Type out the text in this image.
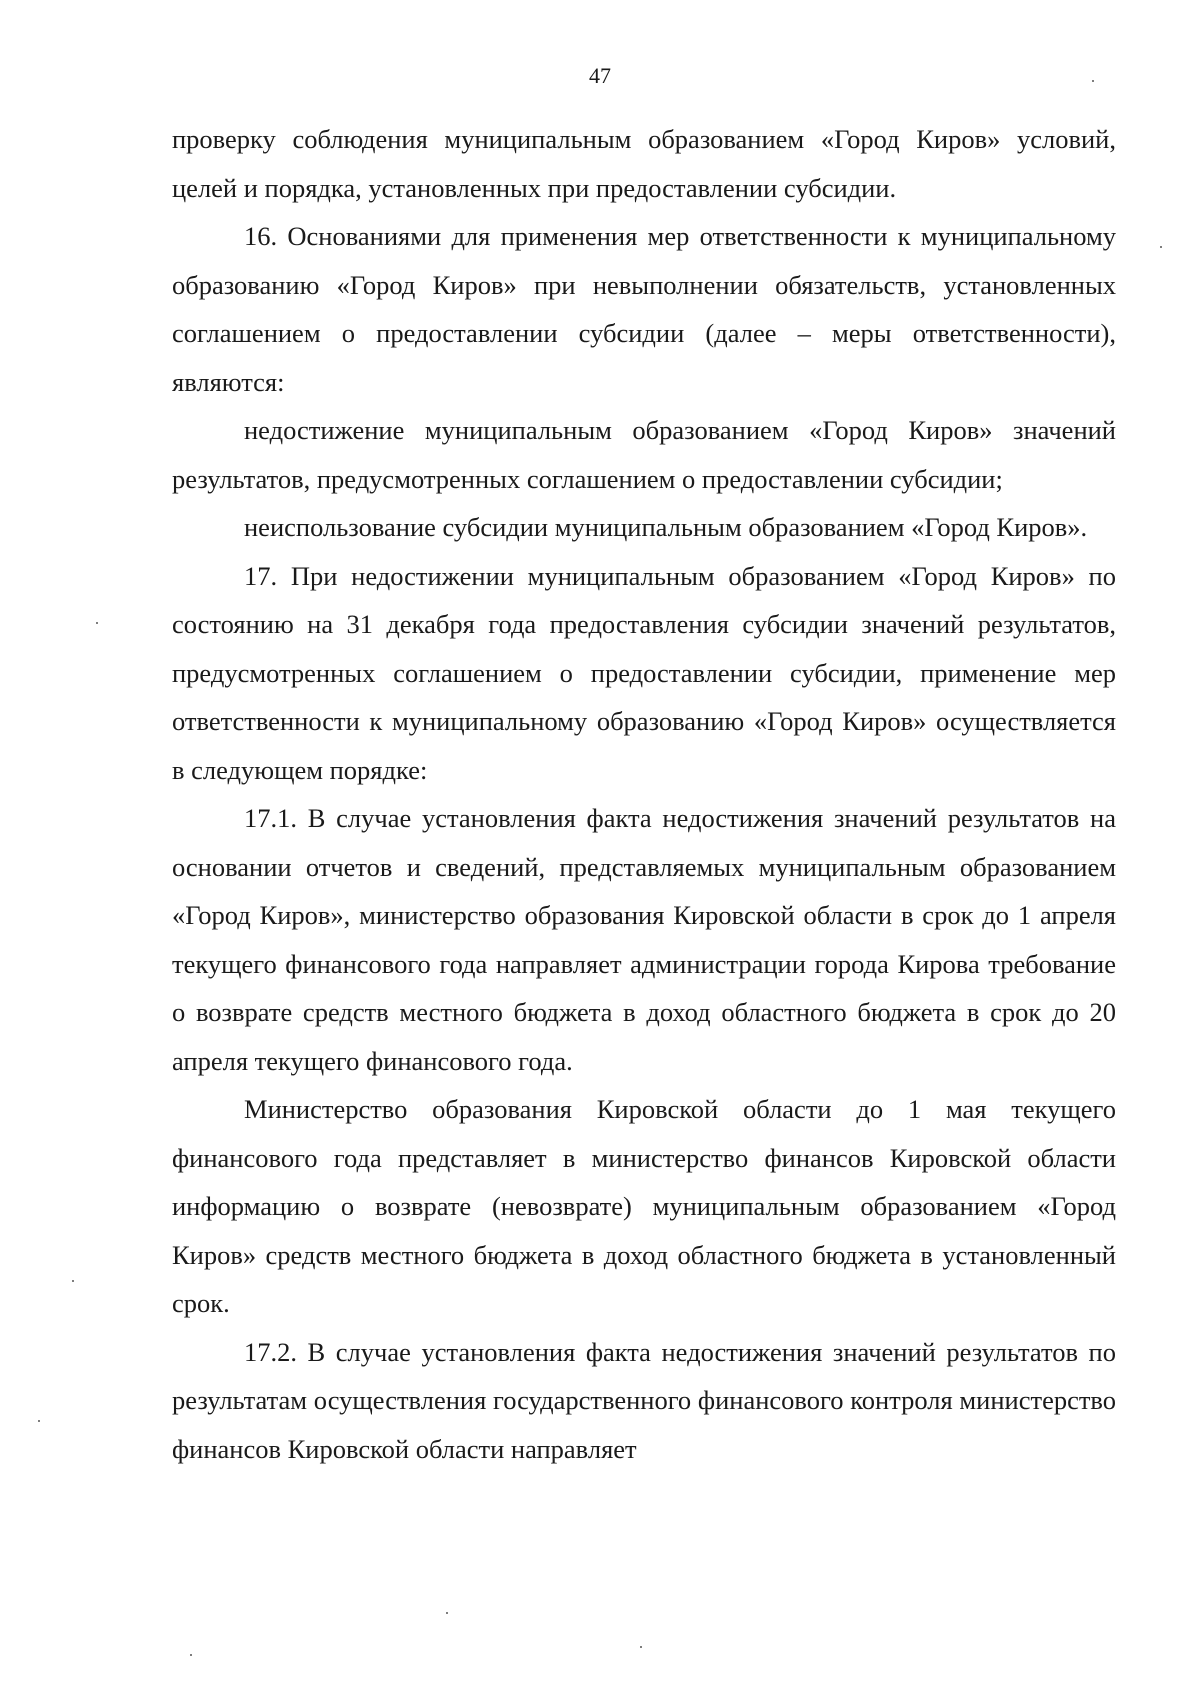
47

проверку соблюдения муниципальным образованием «Город Киров» условий, целей и порядка, установленных при предоставлении субсидии.

16. Основаниями для применения мер ответственности к муниципальному образованию «Город Киров» при невыполнении обязательств, установленных соглашением о предоставлении субсидии (далее – меры ответственности), являются:

недостижение муниципальным образованием «Город Киров» значений результатов, предусмотренных соглашением о предоставлении субсидии;

неиспользование субсидии муниципальным образованием «Город Киров».

17. При недостижении муниципальным образованием «Город Киров» по состоянию на 31 декабря года предоставления субсидии значений результатов, предусмотренных соглашением о предоставлении субсидии, применение мер ответственности к муниципальному образованию «Город Киров» осуществляется в следующем порядке:

17.1. В случае установления факта недостижения значений результатов на основании отчетов и сведений, представляемых муниципальным образованием «Город Киров», министерство образования Кировской области в срок до 1 апреля текущего финансового года направляет администрации города Кирова требование о возврате средств местного бюджета в доход областного бюджета в срок до 20 апреля текущего финансового года.

Министерство образования Кировской области до 1 мая текущего финансового года представляет в министерство финансов Кировской области информацию о возврате (невозврате) муниципальным образованием «Город Киров» средств местного бюджета в доход областного бюджета в установленный срок.

17.2. В случае установления факта недостижения значений результатов по результатам осуществления государственного финансового контроля министерство финансов Кировской области направляет
